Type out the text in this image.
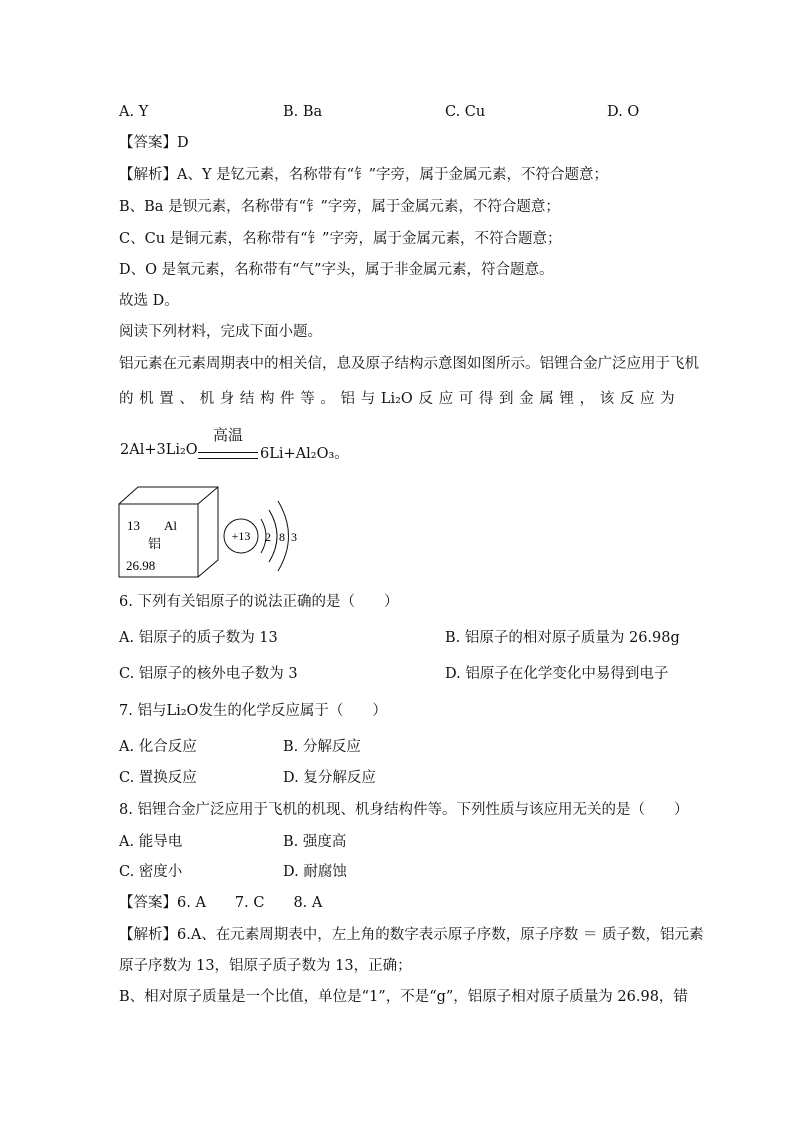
A. Y	B. Ba	C. Cu	D. O
【答案】D
【解析】A、Y 是钇元素，名称带有“钅”字旁，属于金属元素，不符合题意；
B、Ba 是钡元素，名称带有“钅”字旁，属于金属元素，不符合题意；
C、Cu 是铜元素，名称带有“钅”字旁，属于金属元素，不符合题意；
D、O 是氧元素，名称带有“气”字头，属于非金属元素，符合题意。
故选 D。
阅读下列材料，完成下面小题。
铝元素在元素周期表中的相关信，息及原子结构示意图如图所示。铝锂合金广泛应用于飞机
的 机 置 、 机 身 结 构 件 等 。 铝 与 Li₂O 反 应 可 得 到 金 属 锂 ， 该 反 应 为
2Al+3Li₂O
高温
6Li+Al₂O₃。
13 Al
铝
26.98
+13 2 8 3
6. 下列有关铝原子的说法正确的是（　　）
A. 铝原子的质子数为 13	B. 铝原子的相对原子质量为 26.98g
C. 铝原子的核外电子数为 3	D. 铝原子在化学变化中易得到电子
7. 铝与Li₂O发生的化学反应属于（　　）
A. 化合反应	B. 分解反应
C. 置换反应	D. 复分解反应
8. 铝锂合金广泛应用于飞机的机现、机身结构件等。下列性质与该应用无关的是（　　）
A. 能导电	B. 强度高
C. 密度小	D. 耐腐蚀
【答案】6. A　　7. C　　8. A
【解析】6.A、在元素周期表中，左上角的数字表示原子序数，原子序数 ＝ 质子数，铝元素
原子序数为 13，铝原子质子数为 13，正确；
B、相对原子质量是一个比值，单位是“1”，不是“g”，铝原子相对原子质量为 26.98，错
